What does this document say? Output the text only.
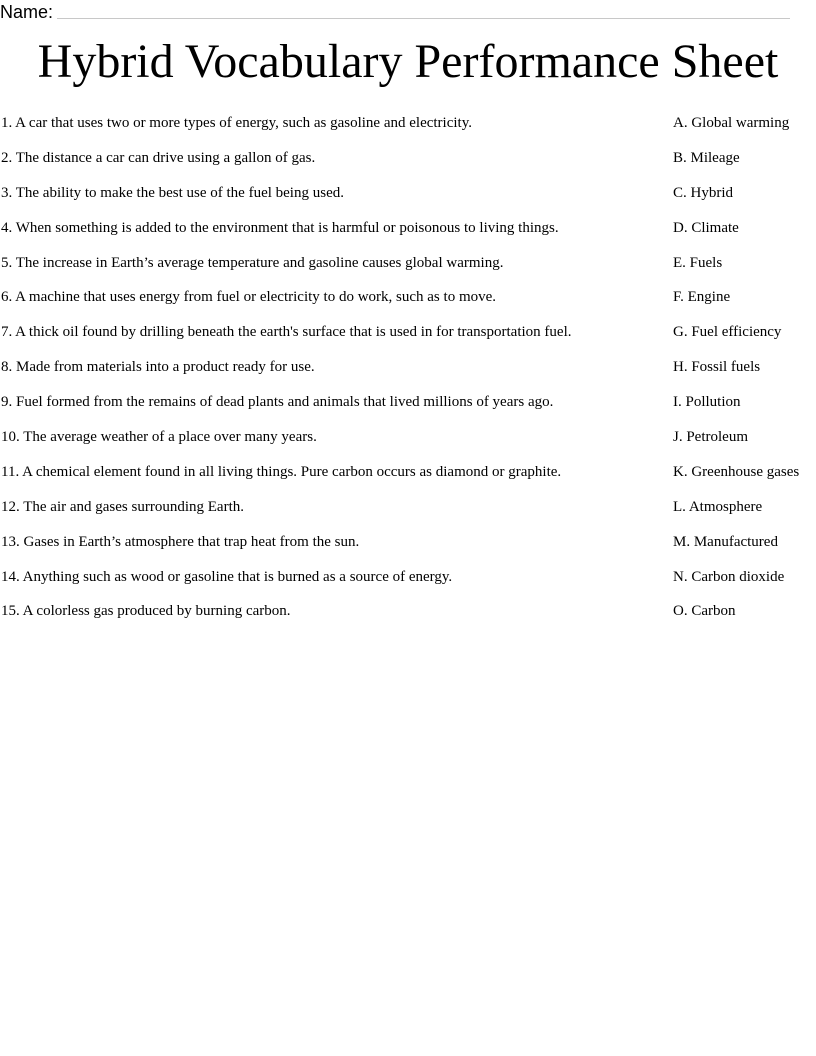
Name:
Hybrid Vocabulary Performance Sheet
1. A car that uses two or more types of energy, such as gasoline and electricity.	A. Global warming
2. The distance a car can drive using a gallon of gas.	B. Mileage
3. The ability to make the best use of the fuel being used.	C. Hybrid
4. When something is added to the environment that is harmful or poisonous to living things.	D. Climate
5. The increase in Earth’s average temperature and gasoline causes global warming.	E. Fuels
6. A machine that uses energy from fuel or electricity to do work, such as to move.	F. Engine
7. A thick oil found by drilling beneath the earth's surface that is used in for transportation fuel.	G. Fuel efficiency
8. Made from materials into a product ready for use.	H. Fossil fuels
9. Fuel formed from the remains of dead plants and animals that lived millions of years ago.	I. Pollution
10. The average weather of a place over many years.	J. Petroleum
11. A chemical element found in all living things. Pure carbon occurs as diamond or graphite.	K. Greenhouse gases
12. The air and gases surrounding Earth.	L. Atmosphere
13. Gases in Earth’s atmosphere that trap heat from the sun.	M. Manufactured
14. Anything such as wood or gasoline that is burned as a source of energy.	N. Carbon dioxide
15. A colorless gas produced by burning carbon.	O. Carbon
